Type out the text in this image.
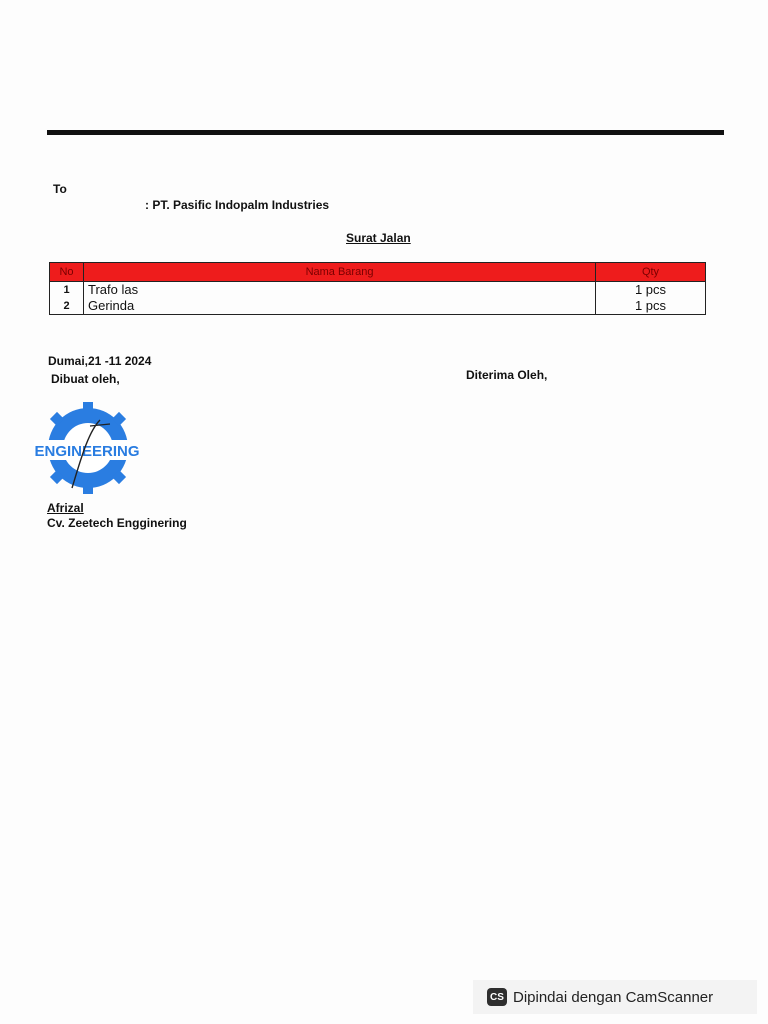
To
: PT. Pasific Indopalm Industries
Surat Jalan
No	Nama Barang	Qty
1	Trafo las	1 pcs
2	Gerinda	1 pcs
Dumai,21 -11 2024
Dibuat oleh,	Diterima Oleh,
ENGINEERING
Afrizal
Cv. Zeetech Engginering
CS Dipindai dengan CamScanner
